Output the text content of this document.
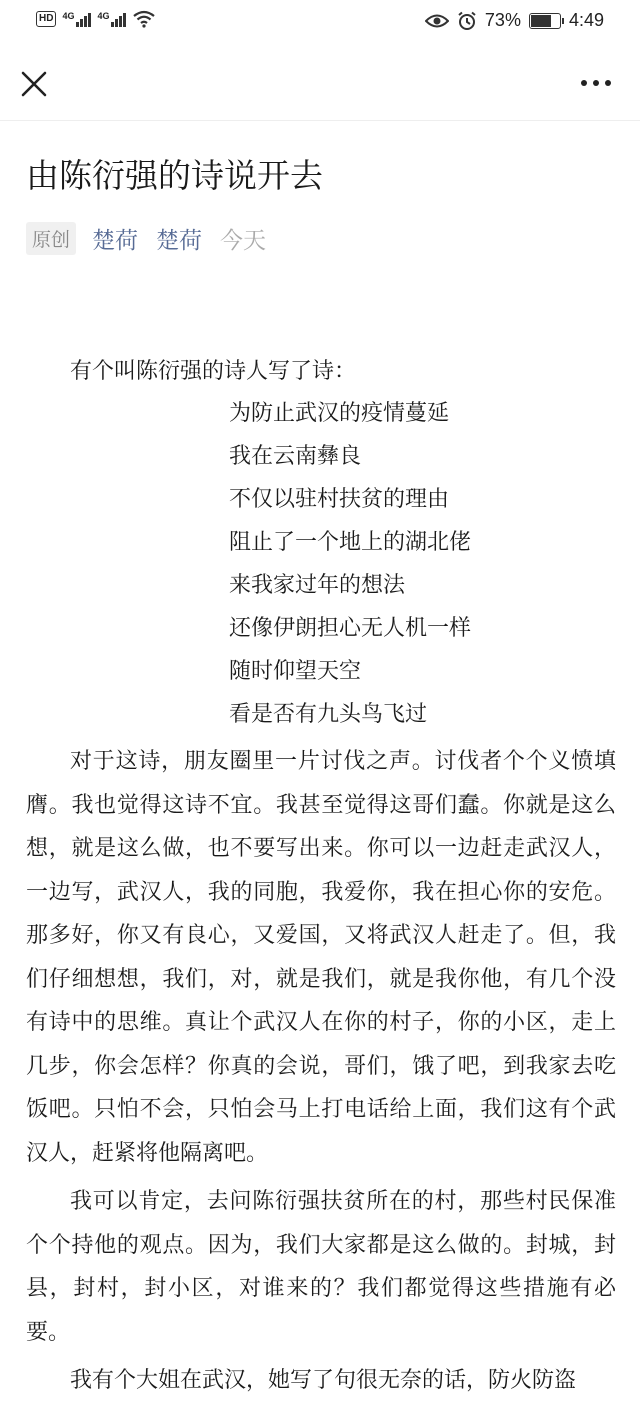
HD	4G	4G	73%	4:49
由陈衍强的诗说开去
原创 楚荷 楚荷 今天

有个叫陈衍强的诗人写了诗：

为防止武汉的疫情蔓延
我在云南彝良
不仅以驻村扶贫的理由
阻止了一个地上的湖北佬
来我家过年的想法
还像伊朗担心无人机一样
随时仰望天空
看是否有九头鸟飞过

对于这诗，朋友圈里一片讨伐之声。讨伐者个个义愤填膺。我也觉得这诗不宜。我甚至觉得这哥们蠢。你就是这么想，就是这么做，也不要写出来。你可以一边赶走武汉人，一边写，武汉人，我的同胞，我爱你，我在担心你的安危。那多好，你又有良心，又爱国，又将武汉人赶走了。但，我们仔细想想，我们，对，就是我们，就是我你他，有几个没有诗中的思维。真让个武汉人在你的村子，你的小区，走上几步，你会怎样？你真的会说，哥们，饿了吧，到我家去吃饭吧。只怕不会，只怕会马上打电话给上面，我们这有个武汉人，赶紧将他隔离吧。

我可以肯定，去问陈衍强扶贫所在的村，那些村民保准个个持他的观点。因为，我们大家都是这么做的。封城，封县，封村，封小区，对谁来的？我们都觉得这些措施有必要。

我有个大姐在武汉，她写了句很无奈的话，防火防盗
